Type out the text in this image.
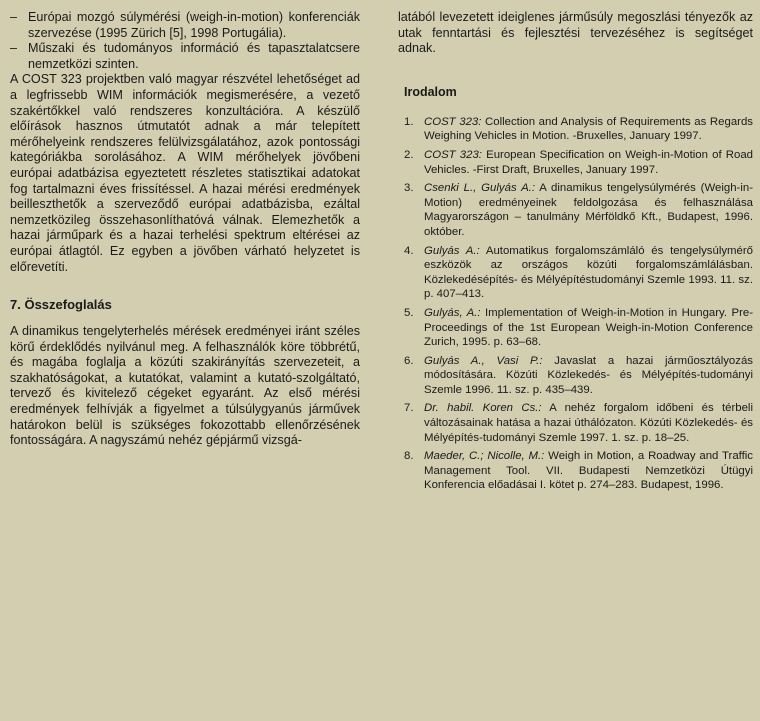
– Európai mozgó súlymérési (weigh-in-motion) konferenciák szervezése (1995 Zürich [5], 1998 Portugália).
– Műszaki és tudományos információ és tapasztalatcsere nemzetközi szinten.

A COST 323 projektben való magyar részvétel lehetőséget ad a legfrissebb WIM információk megismerésére, a vezető szakértőkkel való rendszeres konzultációra. A készülő előírások hasznos útmutatót adnak a már telepített mérőhelyeink rendszeres felülvizsgálatához, azok pontossági kategóriákba sorolásához. A WIM mérőhelyek jövőbeni európai adatbázisa egyeztetett részletes statisztikai adatokat fog tartalmazni éves frissítéssel. A hazai mérési eredmények beilleszthetők a szerveződő európai adatbázisba, ezáltal nemzetközileg összehasonlíthatóvá válnak. Elemezhetők a hazai járműpark és a hazai terhelési spektrum eltérései az európai átlagtól. Ez egyben a jövőben várható helyzetet is előrevetíti.

7. Összefoglalás

A dinamikus tengelyterhelés mérések eredményei iránt széles körű érdeklődés nyilvánul meg. A felhasználók köre többrétű, és magába foglalja a közúti szakirányítás szervezeteit, a szakhatóságokat, a kutatókat, valamint a kutató-szolgáltató, tervező és kivitelező cégeket egyaránt. Az első mérési eredmények felhívják a figyelmet a túlsúlygyanús járművek határokon belül is szükséges fokozottabb ellenőrzésének fontosságára. A nagyszámú nehéz gépjármű vizsgá-

latából levezetett ideiglenes járműsúly megoszlási tényezők az utak fenntartási és fejlesztési tervezéséhez is segítséget adnak.

Irodalom
1. COST 323: Collection and Analysis of Requirements as Regards Weighing Vehicles in Motion. -Bruxelles, January 1997.
2. COST 323: European Specification on Weigh-in-Motion of Road Vehicles. -First Draft, Bruxelles, January 1997.
3. Csenki L., Gulyás A.: A dinamikus tengelysúlymérés (Weigh-in-Motion) eredményeinek feldolgozása és felhasználása Magyarországon – tanulmány Mérföldkő Kft., Budapest, 1996. október.
4. Gulyás A.: Automatikus forgalomszámláló és tengelysúlymérő eszközök az országos közúti forgalomszámlálásban. Közlekedésépítés- és Mélyépítéstudományi Szemle 1993. 11. sz. p. 407–413.
5. Gulyás, A.: Implementation of Weigh-in-Motion in Hungary. Pre-Proceedings of the 1st European Weigh-in-Motion Conference Zurich, 1995. p. 63–68.
6. Gulyás A., Vasi P.: Javaslat a hazai járműosztályozás módosítására. Közúti Közlekedés- és Mélyépítés-tudományi Szemle 1996. 11. sz. p. 435–439.
7. Dr. habil. Koren Cs.: A nehéz forgalom időbeni és térbeli változásainak hatása a hazai úthálózaton. Közúti Közlekedés- és Mélyépítés-tudományi Szemle 1997. 1. sz. p. 18–25.
8. Maeder, C.; Nicolle, M.: Weigh in Motion, a Roadway and Traffic Management Tool. VII. Budapesti Nemzetközi Útügyi Konferencia előadásai I. kötet p. 274–283. Budapest, 1996.
